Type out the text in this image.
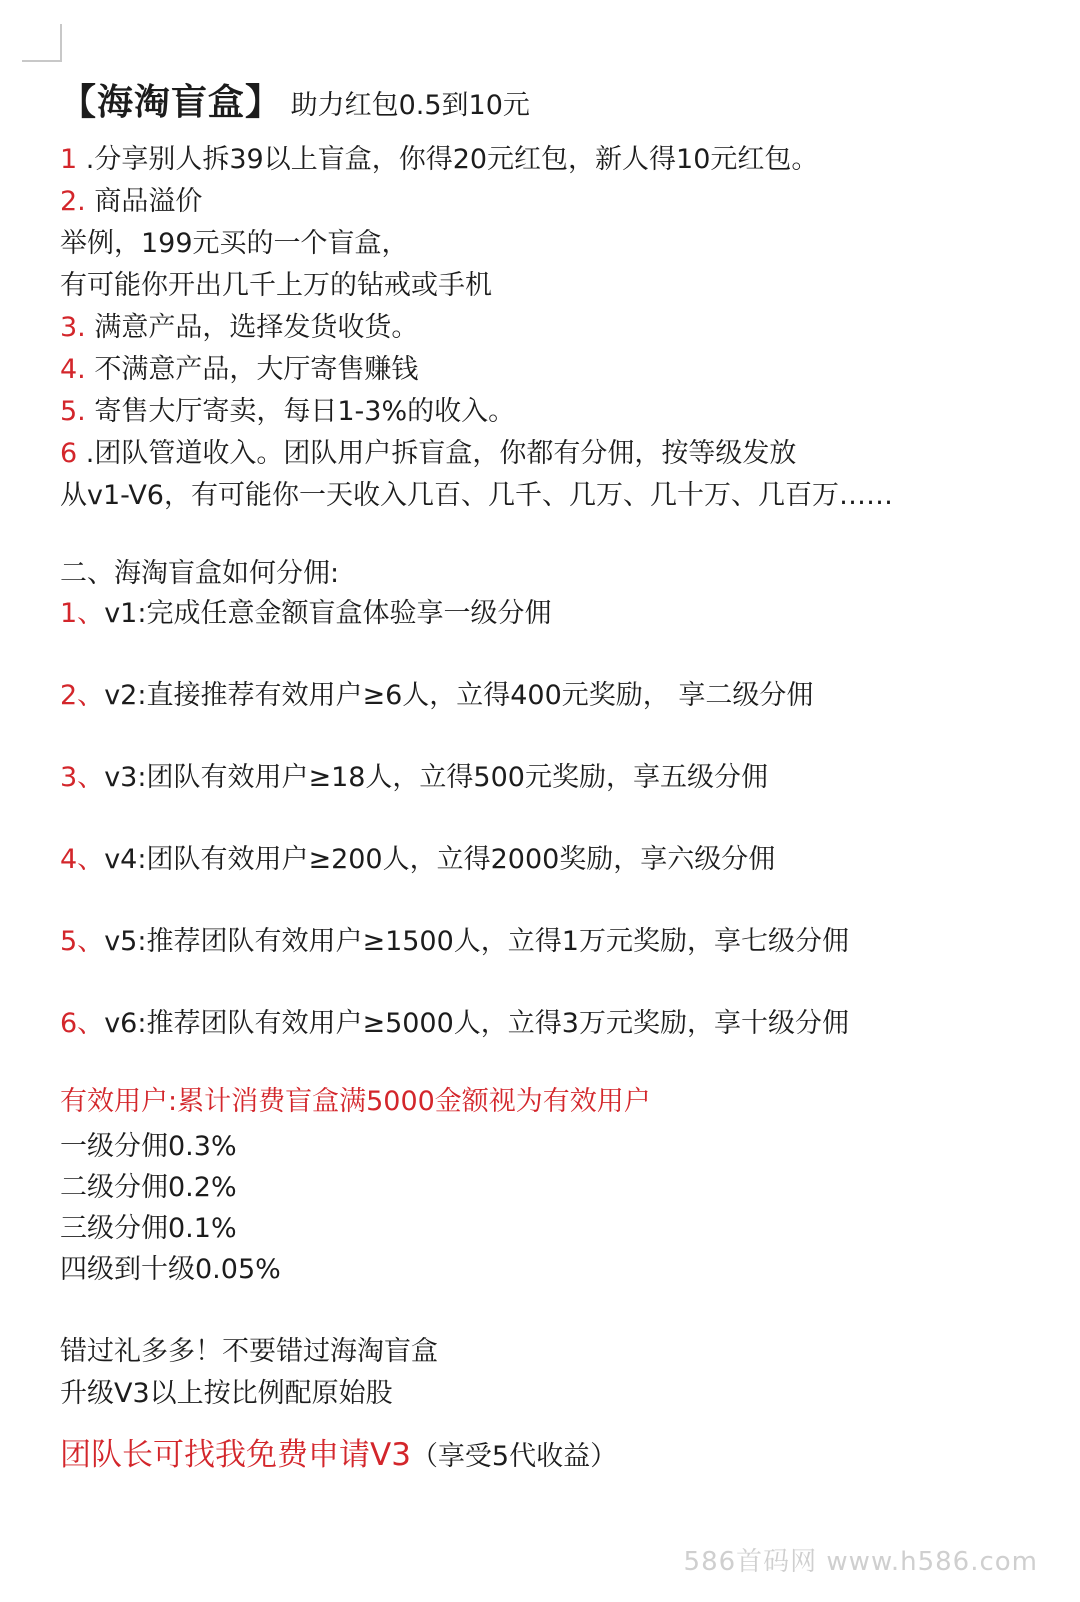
【海淘盲盒】 助力红包0.5到10元
1 .分享别人拆39以上盲盒，你得20元红包，新人得10元红包。
2. 商品溢价
举例，199元买的一个盲盒，
有可能你开出几千上万的钻戒或手机
3. 满意产品，选择发货收货。
4. 不满意产品，大厅寄售赚钱
5. 寄售大厅寄卖，每日1-3%的收入。
6 .团队管道收入。团队用户拆盲盒，你都有分佣，按等级发放
从v1-V6，有可能你一天收入几百、几千、几万、几十万、几百万……
二、海淘盲盒如何分佣:
1、v1:完成任意金额盲盒体验享一级分佣
2、v2:直接推荐有效用户≥6人，立得400元奖励， 享二级分佣
3、v3:团队有效用户≥18人，立得500元奖励，享五级分佣
4、v4:团队有效用户≥200人，立得2000奖励，享六级分佣
5、v5:推荐团队有效用户≥1500人，立得1万元奖励，享七级分佣
6、v6:推荐团队有效用户≥5000人，立得3万元奖励，享十级分佣
有效用户:累计消费盲盒满5000金额视为有效用户
一级分佣0.3%
二级分佣0.2%
三级分佣0.1%
四级到十级0.05%
错过礼多多！不要错过海淘盲盒
升级V3以上按比例配原始股
团队长可找我免费申请V3（享受5代收益）
586首码网 www.h586.com
